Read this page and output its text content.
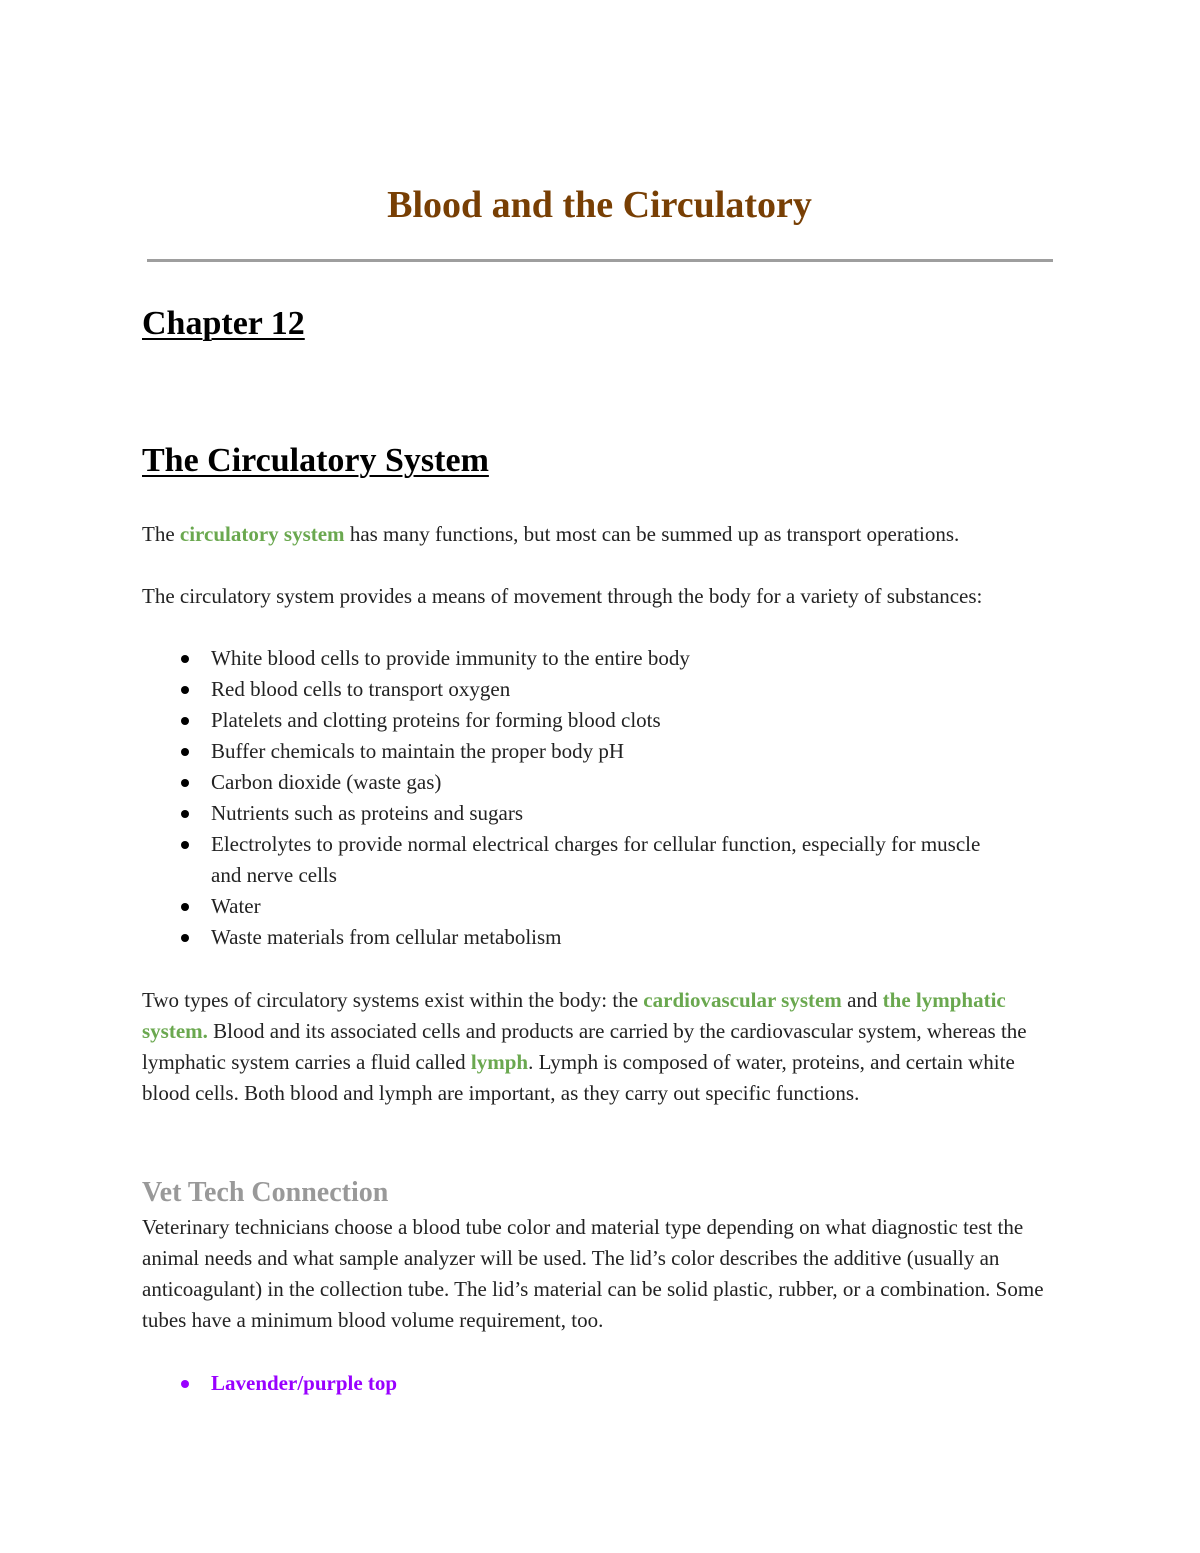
Blood and the Circulatory
Chapter 12
The Circulatory System

The circulatory system has many functions, but most can be summed up as transport operations.

The circulatory system provides a means of movement through the body for a variety of substances:

White blood cells to provide immunity to the entire body
Red blood cells to transport oxygen
Platelets and clotting proteins for forming blood clots
Buffer chemicals to maintain the proper body pH
Carbon dioxide (waste gas)
Nutrients such as proteins and sugars
Electrolytes to provide normal electrical charges for cellular function, especially for muscle and nerve cells
Water
Waste materials from cellular metabolism

Two types of circulatory systems exist within the body: the cardiovascular system and the lymphatic system. Blood and its associated cells and products are carried by the cardiovascular system, whereas the lymphatic system carries a fluid called lymph. Lymph is composed of water, proteins, and certain white blood cells. Both blood and lymph are important, as they carry out specific functions.

Vet Tech Connection

Veterinary technicians choose a blood tube color and material type depending on what diagnostic test the animal needs and what sample analyzer will be used. The lid’s color describes the additive (usually an anticoagulant) in the collection tube. The lid’s material can be solid plastic, rubber, or a combination. Some tubes have a minimum blood volume requirement, too.

Lavender/purple top
